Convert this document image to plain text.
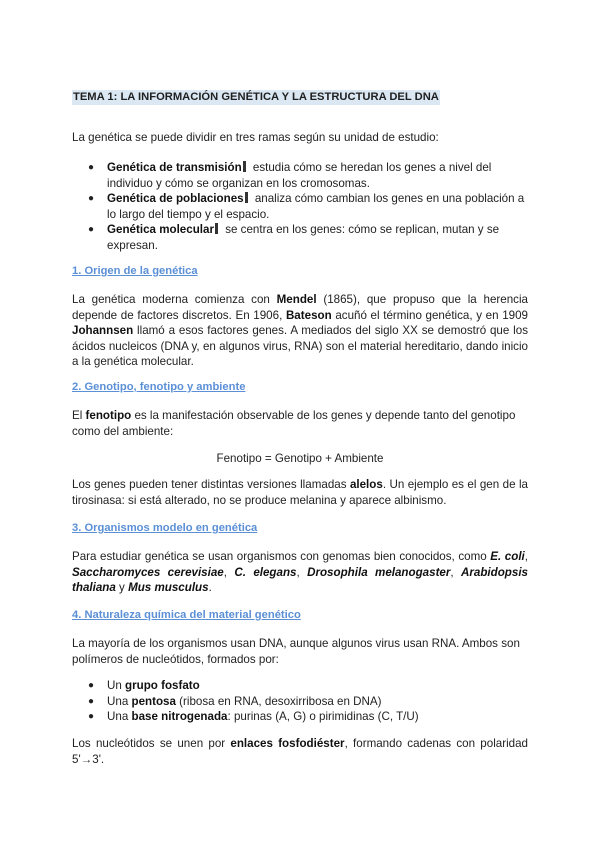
TEMA 1: LA INFORMACIÓN GENÉTICA Y LA ESTRUCTURA DEL DNA

La genética se puede dividir en tres ramas según su unidad de estudio:

● Genética de transmisión estudia cómo se heredan los genes a nivel del individuo y cómo se organizan en los cromosomas.
● Genética de poblaciones analiza cómo cambian los genes en una población a lo largo del tiempo y el espacio.
● Genética molecular se centra en los genes: cómo se replican, mutan y se expresan.
1. Origen de la genética

La genética moderna comienza con Mendel (1865), que propuso que la herencia depende de factores discretos. En 1906, Bateson acuñó el término genética, y en 1909 Johannsen llamó a esos factores genes. A mediados del siglo XX se demostró que los ácidos nucleicos (DNA y, en algunos virus, RNA) son el material hereditario, dando inicio a la genética molecular.

2. Genotipo, fenotipo y ambiente

El fenotipo es la manifestación observable de los genes y depende tanto del genotipo como del ambiente:

Fenotipo = Genotipo + Ambiente

Los genes pueden tener distintas versiones llamadas alelos. Un ejemplo es el gen de la tirosinasa: si está alterado, no se produce melanina y aparece albinismo.

3. Organismos modelo en genética

Para estudiar genética se usan organismos con genomas bien conocidos, como E. coli, Saccharomyces cerevisiae, C. elegans, Drosophila melanogaster, Arabidopsis thaliana y Mus musculus.

4. Naturaleza química del material genético

La mayoría de los organismos usan DNA, aunque algunos virus usan RNA. Ambos son polímeros de nucleótidos, formados por:

● Un grupo fosfato
● Una pentosa (ribosa en RNA, desoxirribosa en DNA)
● Una base nitrogenada: purinas (A, G) o pirimidinas (C, T/U)

Los nucleótidos se unen por enlaces fosfodiéster, formando cadenas con polaridad 5'→3'.
